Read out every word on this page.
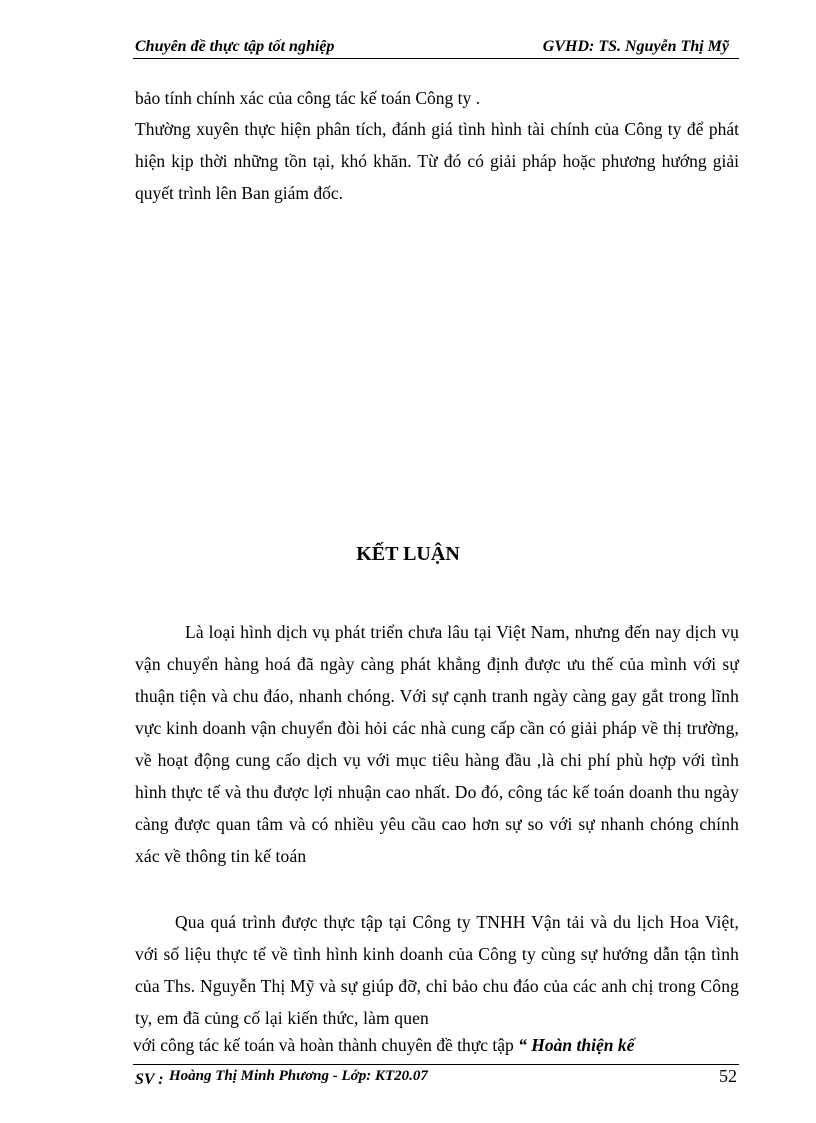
Chuyên đề thực tập tốt nghiệp	GVHD: TS. Nguyễn Thị Mỹ

bảo tính chính xác của công tác kế toán Công ty .

Thường xuyên thực hiện phân tích, đánh giá tình hình tài chính của Công ty để phát hiện kịp thời những tồn tại, khó khăn. Từ đó có giải pháp hoặc phương hướng giải quyết trình lên Ban giám đốc.

KẾT LUẬN

Là loại hình dịch vụ phát triển chưa lâu tại Việt Nam, nhưng đến nay dịch vụ vận chuyển hàng hoá đã ngày càng phát khẳng định được ưu thế của mình với sự thuận tiện và chu đáo, nhanh chóng. Với sự cạnh tranh ngày càng gay gắt trong lĩnh vực kinh doanh vận chuyển đòi hỏi các nhà cung cấp cần có giải pháp về thị trường, về hoạt động cung cấo dịch vụ với mục tiêu hàng đầu ,là chi phí phù hợp với tình hình thực tế và thu được lợi nhuận cao nhất. Do đó, công tác kế toán doanh thu ngày càng được quan tâm và có nhiều yêu cầu cao hơn sự so với sự nhanh chóng chính xác về thông tin kế toán

Qua quá trình được thực tập tại Công ty TNHH Vận tải và du lịch Hoa Việt, với số liệu thực tế về tình hình kinh doanh của Công ty cùng sự hướng dẫn tận tình của Ths. Nguyễn Thị Mỹ và sự giúp đỡ, chỉ bảo chu đáo của các anh chị trong Công ty, em đã củng cố lại kiến thức, làm quen

với công tác kế toán và hoàn thành chuyên đề thực tập “ Hoàn thiện kế
SV : Hoàng Thị Minh Phương - Lớp: KT20.07	52
